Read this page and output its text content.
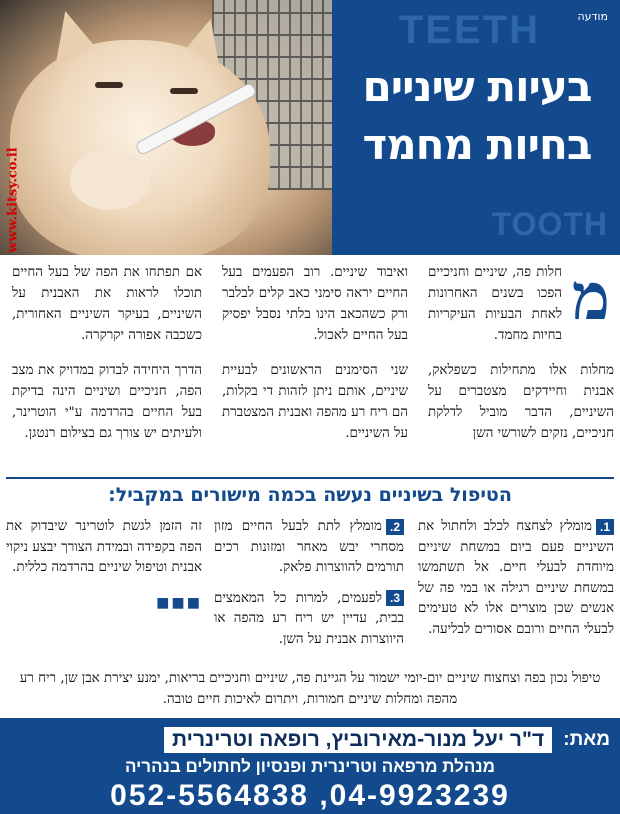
www.kitsy.co.il
TEETH	מודעה
בעיות שיניים
בחיות מחמד
TOOTH
מ

חלות פה, שיניים וחניכיים הפכו בשנים האחרונות לאחת הבעיות העיקריות בחיות מחמד.

מחלות אלו מתחילות כשפלאק, אבנית וחיידקים מצטברים על השיניים, הדבר מוביל לדלקת חניכיים, נזקים לשורשי השן

ואיבוד שיניים. רוב הפעמים בעל החיים יראה סימני כאב קלים לבלבר ורק כשהכאב הינו בלתי נסבל יפסיק בעל החיים לאכול.

שני הסימנים הראשונים לבעיית שיניים, אותם ניתן לזהות די בקלות, הם ריח רע מהפה ואבנית המצטברת על השיניים.

אם תפתחו את הפה של בעל החיים תוכלו לראות את האבנית על השיניים, בעיקר השיניים האחורית, כשכבה אפורה יקרקרה.

הדרך היחידה לבדוק במדויק את מצב הפה, חניכיים ושיניים הינה בדיקת בעל החיים בהרדמה ע"י הוטרינר, ולעיתים יש צורך גם בצילום רנטגן.

הטיפול בשיניים נעשה בכמה מישורים במקביל:

1.מומלץ לצחצח לכלב ולחתול את השיניים פעם ביום במשחת שיניים מיוחדת לבעלי חיים. אל תשתמשו במשחת שיניים רגילה או במי פה של אנשים שכן מוצרים אלו לא טעימים לבעלי החיים ורובם אסורים לבליעה.

2.מומלץ לתת לבעל החיים מזון מסחרי יבש מאחר ומזונות רכים תורמים להווצרות פלאק.

3.לפעמים, למרות כל המאמצים בבית, עדיין יש ריח רע מהפה או היווצרות אבנית על השן.

זה הזמן לגשת לוטרינר שיבדוק את הפה בקפידה ובמידת הצורך יבצע ניקוי אבנית וטיפול שיניים בהרדמה כללית.

■■■
טיפול נכון בפה וצחצוח שיניים יום-יומי ישמור על הגיינת פה, שיניים וחניכיים בריאות, ימנע יצירת אבן שן, ריח רע מהפה ומחלות שיניים חמורות, ויתרום לאיכות חיים טובה.
מאת: ד"ר יעל מנור-מאירוביץ, רופאה וטרינרית
מנהלת מרפאה וטרינרית ופנסיון לחתולים בנהריה
052-5564838 ,04-9923239
